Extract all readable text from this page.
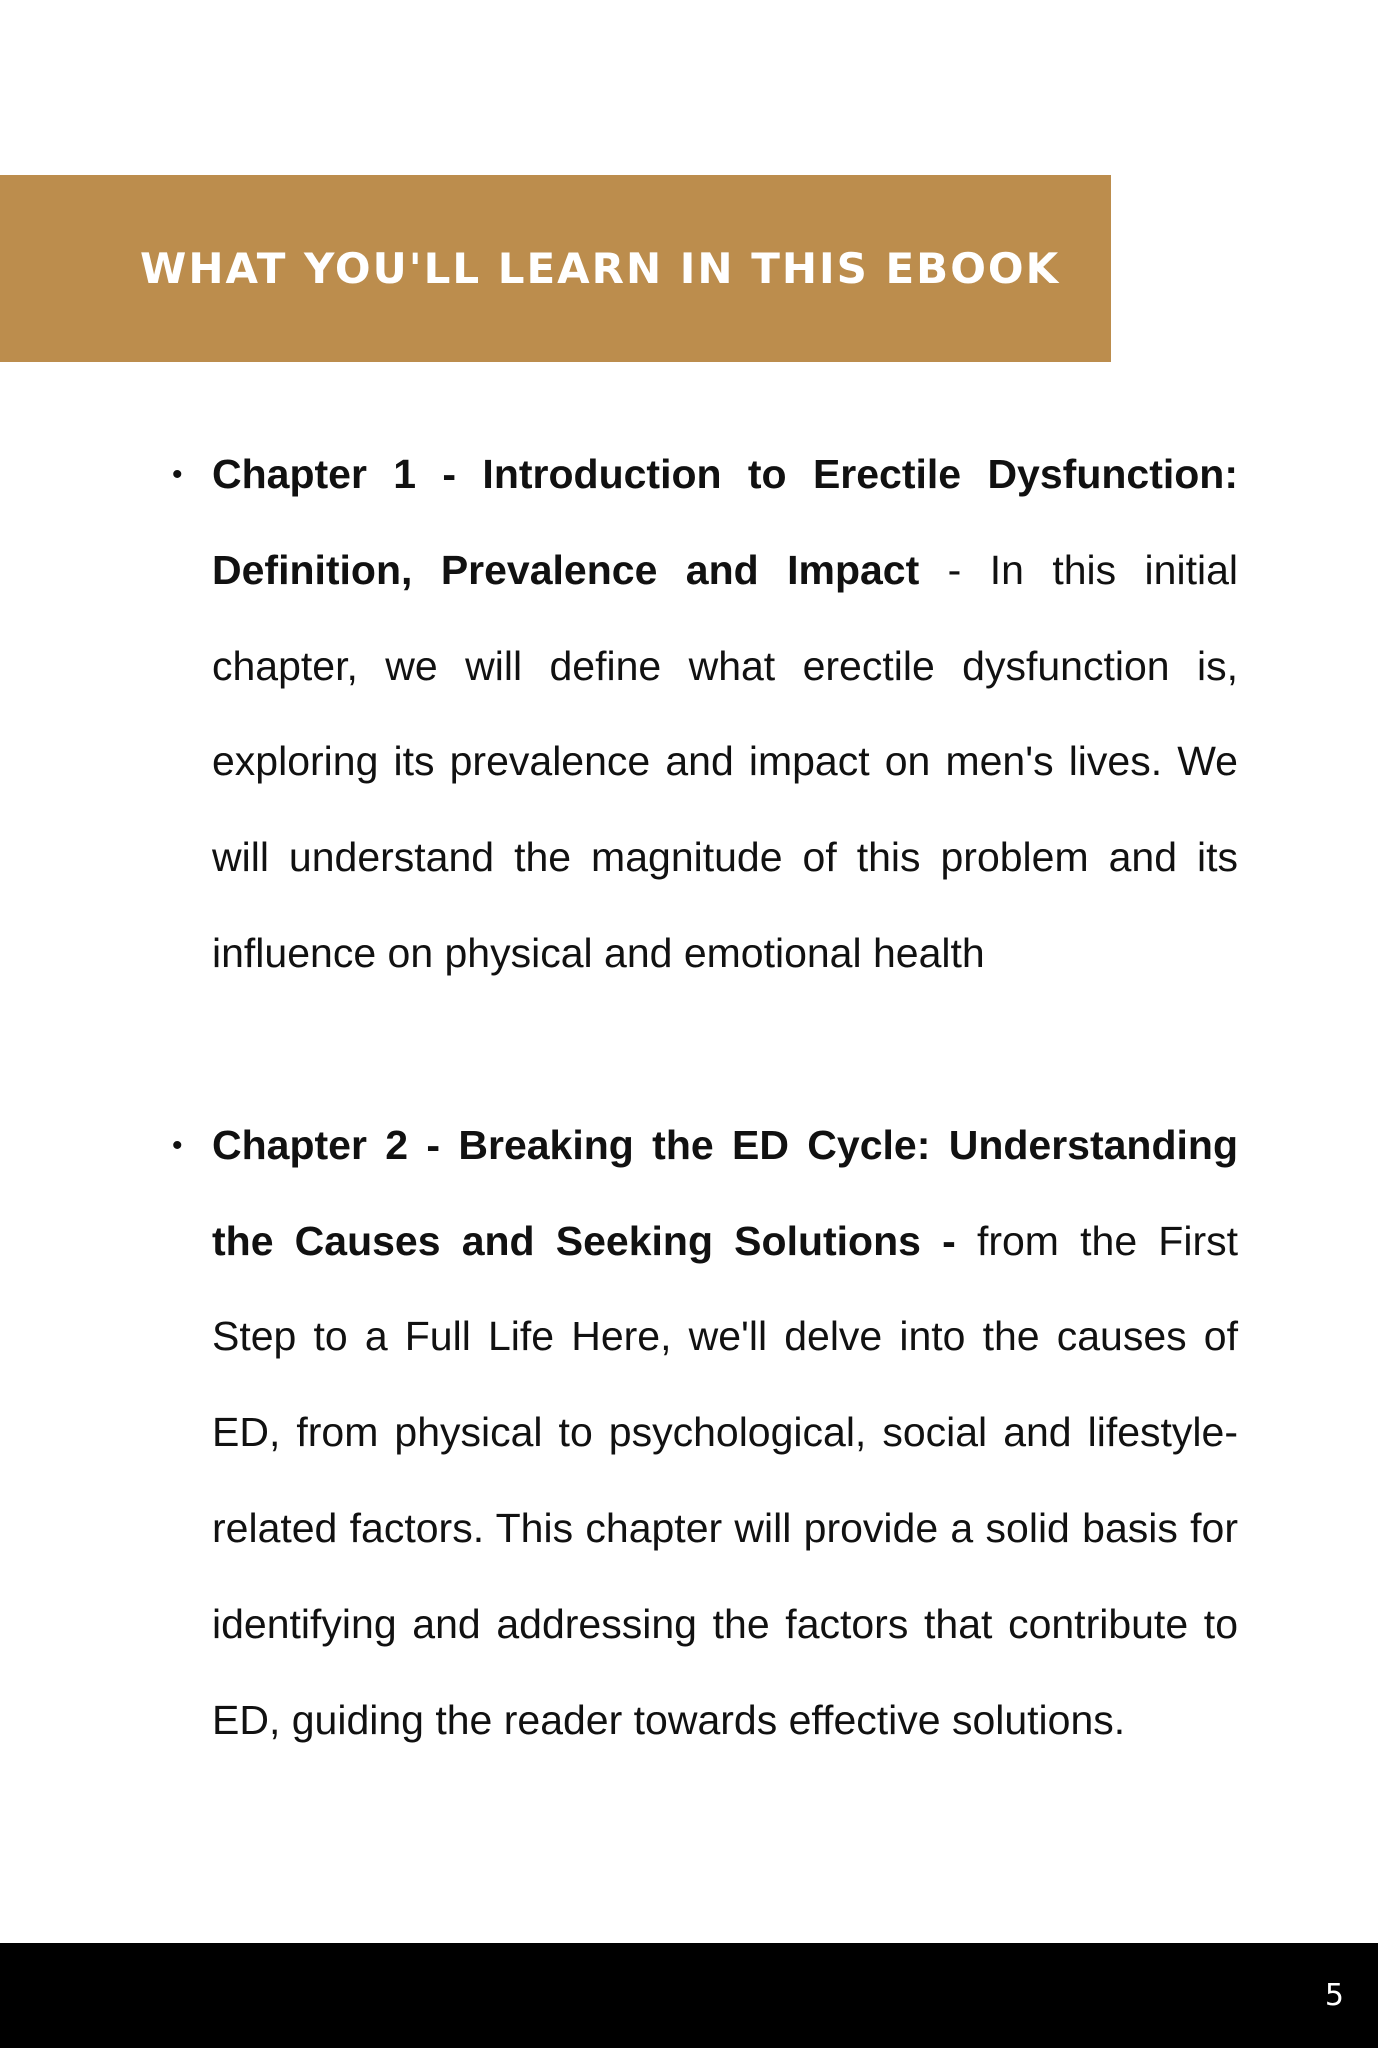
WHAT YOU'LL LEARN IN THIS EBOOK
• Chapter 1 - Introduction to Erectile Dysfunction: Definition, Prevalence and Impact - In this initial chapter, we will define what erectile dysfunction is, exploring its prevalence and impact on men's lives. We will understand the magnitude of this problem and its influence on physical and emotional health
• Chapter 2 - Breaking the ED Cycle: Understanding the Causes and Seeking Solutions - from the First Step to a Full Life Here, we'll delve into the causes of ED, from physical to psychological, social and lifestyle-related factors. This chapter will provide a solid basis for identifying and addressing the factors that contribute to ED, guiding the reader towards effective solutions.
5
